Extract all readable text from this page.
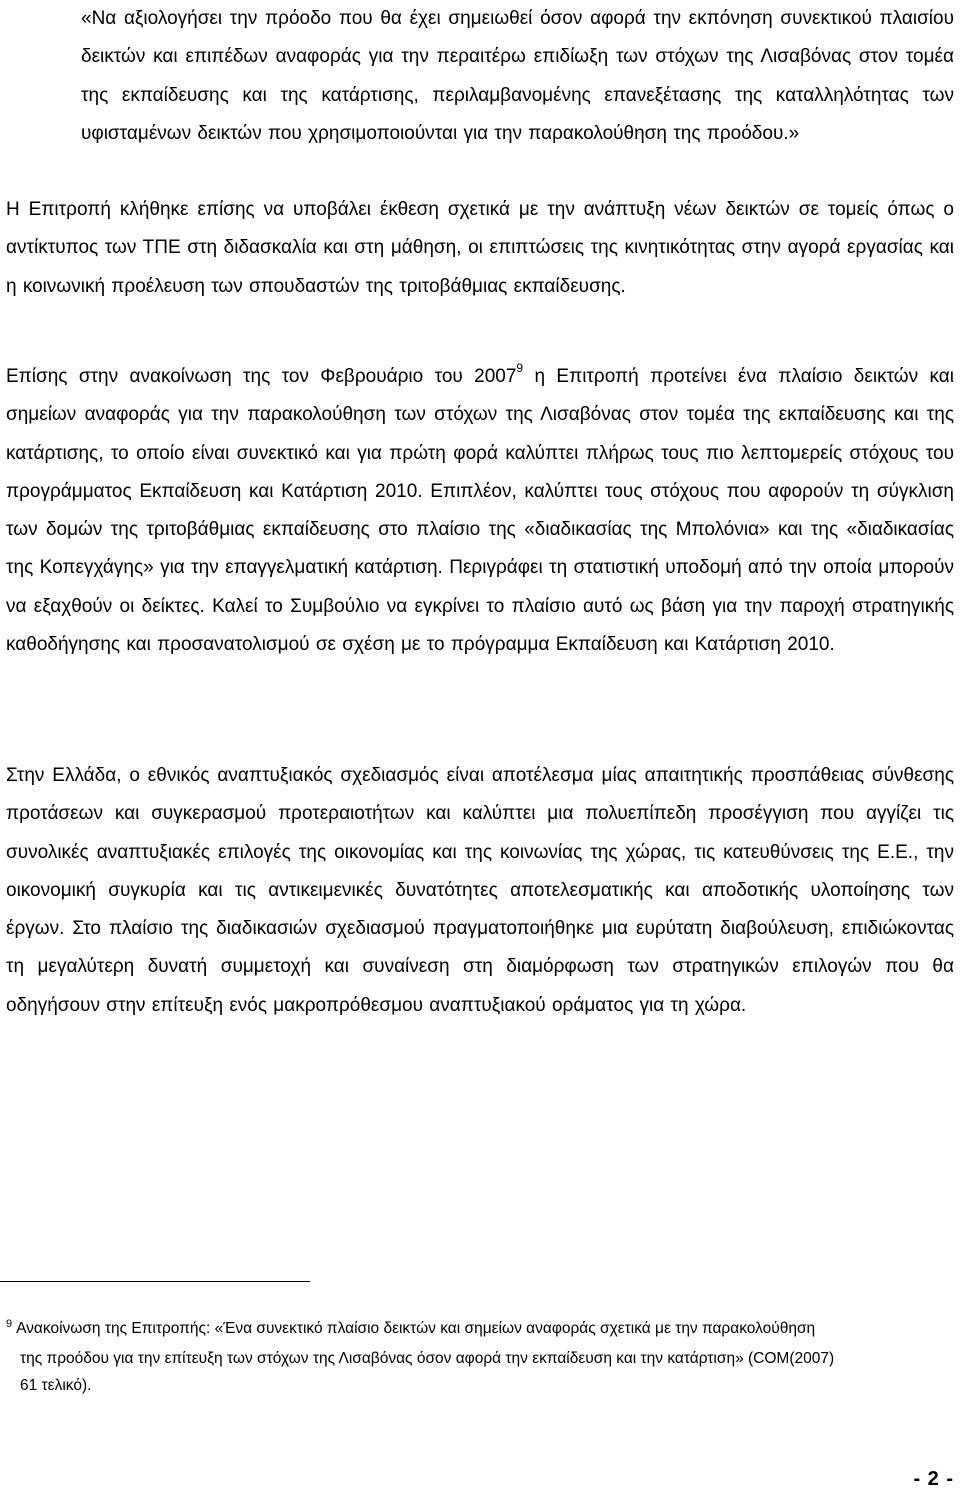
«Να αξιολογήσει την πρόοδο που θα έχει σημειωθεί όσον αφορά την εκπόνηση συνεκτικού πλαισίου δεικτών και επιπέδων αναφοράς για την περαιτέρω επιδίωξη των στόχων της Λισαβόνας στον τομέα της εκπαίδευσης και της κατάρτισης, περιλαμβανομένης επανεξέτασης της καταλληλότητας των υφισταμένων δεικτών που χρησιμοποιούνται για την παρακολούθηση της προόδου.»

Η Επιτροπή κλήθηκε επίσης να υποβάλει έκθεση σχετικά με την ανάπτυξη νέων δεικτών σε τομείς όπως ο αντίκτυπος των ΤΠΕ στη διδασκαλία και στη μάθηση, οι επιπτώσεις της κινητικότητας στην αγορά εργασίας και η κοινωνική προέλευση των σπουδαστών της τριτοβάθμιας εκπαίδευσης.

Επίσης στην ανακοίνωση της τον Φεβρουάριο του 2007$^9$ η Επιτροπή προτείνει ένα πλαίσιο δεικτών και σημείων αναφοράς για την παρακολούθηση των στόχων της Λισαβόνας στον τομέα της εκπαίδευσης και της κατάρτισης, το οποίο είναι συνεκτικό και για πρώτη φορά καλύπτει πλήρως τους πιο λεπτομερείς στόχους του προγράμματος Εκπαίδευση και Κατάρτιση 2010. Επιπλέον, καλύπτει τους στόχους που αφορούν τη σύγκλιση των δομών της τριτοβάθμιας εκπαίδευσης στο πλαίσιο της «διαδικασίας της Μπολόνια» και της «διαδικασίας της Κοπεγχάγης» για την επαγγελματική κατάρτιση. Περιγράφει τη στατιστική υποδομή από την οποία μπορούν να εξαχθούν οι δείκτες. Καλεί το Συμβούλιο να εγκρίνει το πλαίσιο αυτό ως βάση για την παροχή στρατηγικής καθοδήγησης και προσανατολισμού σε σχέση με το πρόγραμμα Εκπαίδευση και Κατάρτιση 2010.

Στην Ελλάδα, ο εθνικός αναπτυξιακός σχεδιασμός είναι αποτέλεσμα μίας απαιτητικής προσπάθειας σύνθεσης προτάσεων και συγκερασμού προτεραιοτήτων και καλύπτει μια πολυεπίπεδη προσέγγιση που αγγίζει τις συνολικές αναπτυξιακές επιλογές της οικονομίας και της κοινωνίας της χώρας, τις κατευθύνσεις της Ε.Ε., την οικονομική συγκυρία και τις αντικειμενικές δυνατότητες αποτελεσματικής και αποδοτικής υλοποίησης των έργων. Στο πλαίσιο της διαδικασιών σχεδιασμού πραγματοποιήθηκε μια ευρύτατη διαβούλευση, επιδιώκοντας τη μεγαλύτερη δυνατή συμμετοχή και συναίνεση στη διαμόρφωση των στρατηγικών επιλογών που θα οδηγήσουν στην επίτευξη ενός μακροπρόθεσμου αναπτυξιακού οράματος για τη χώρα.

$^9$ Ανακοίνωση της Επιτροπής: «Ένα συνεκτικό πλαίσιο δεικτών και σημείων αναφοράς σχετικά με την παρακολούθηση
της προόδου για την επίτευξη των στόχων της Λισαβόνας όσον αφορά την εκπαίδευση και την κατάρτιση» (COM(2007)
61 τελικό).

- 2 -
